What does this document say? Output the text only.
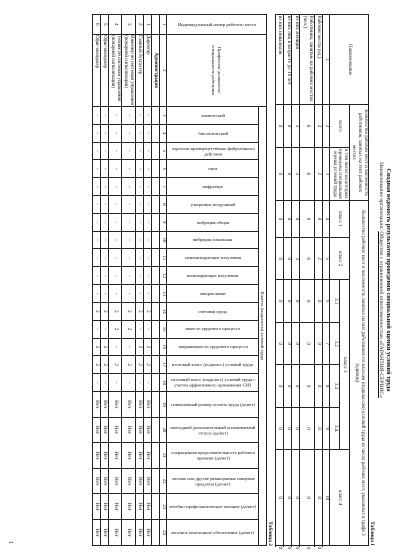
Сводная ведомость результатов проведения специальной оценки условий труда
Наименование организации: Общество с ограниченной ответственностью «ГАРАНТИЯ-СЕРВИС»
Таблица 1
Наименование	Количество рабочих мест и численность работников, занятых на этих рабочих местах		Количество рабочих мест и численность занятых на них работников по классам (подклассам) условий труда из числа рабочих мест, указанных в графе 3 (единиц)							
	всего	в том числе на которых проведена специальная оценка условий труда	класс 1	класс 2	класс 3				класс 4	
					3.1	3.2	3.3	3.4.		
1	2	3	4	5	6	7	8	9	10	
Рабочие места (ед.)	2	2	0	2	0	0	0	0	0	0
Работники, занятые на рабочих местах (чел.)	6	6	0	6	0	0	0	0	0	0
из них женщин	3	3	0	3	0	0	0	0	0	0
из них лиц в возрасте до 18 лет	0	0	0	0	0	0	0	0	0	0
из них инвалидов	0	0	0	0	0	0	0	0	0	0
Таблица 2
Индивидуальный номер рабочего места	Профессия/ должность/ специальность работника	Классы (подклассы) условий труда																					

		химический	биологический	аэрозоли преимущественно фиброгенного действия	шум	инфразвук	ультразвук воздушный	вибрация общая	вибрация локальная	неионизирующие излучения	ионизирующие излучения	микроклимат	световая среда	тяжесть трудового процесса	напряженность трудового процесса	итоговый класс (подкласс) условий труда	итоговый класс (подкласс) условий труда с учетом эффективного применения СИЗ	повышенный размер оплаты труда (да,нет)	ежегодный дополнительный оплачиваемый отпуск (да/нет)	сокращенная продолжительность рабочего времени (да/нет)	молоко или другие равноценные пищевые продукты (да/нет)	лечебно-профилактическое питание (да/нет)	льготное пенсионное обеспечение (да/нет)

1	2	3	4	5	6	7	8	9	10	11	12	13	14	15	16	17	18	19	20	21	22	23	24
	Администрация																						
1	Директор	-	-	-	-	-	-	-	-	-	-	-	2	-	2	2	-	Нет	Нет	Нет	Нет	Нет	Нет
2	Главный бухгалтер	-	-	-	-	-	-	-	-	-	-	-	2	-	2	2	-	Нет	Нет	Нет	Нет	Нет	Нет
3	Инженер по системам управления (пожарной сигнализации)	-	-	-	-	-	-	-	-	-	-	-	2	2	-	2	-	Нет	Нет	Нет	Нет	Нет	Нет
4	Техник по системам управления (пожарной сигнализации)	-	-	-	-	-	-	-	-	-	-	-	2	2	-	2	-	Нет	Нет	Нет	Нет	Нет	Нет
5	Офис-менеджер	-	-	-	-	-	-	-	-	-	-	-	2	-	2	2	-	Нет	Нет	Нет	Нет	Нет	Нет
6	Офис-менеджер	-	-	-	-	-	-	-	-	-	-	-	2	-	2	2	-	Нет	Нет	Нет	Нет	Нет	Нет
1
